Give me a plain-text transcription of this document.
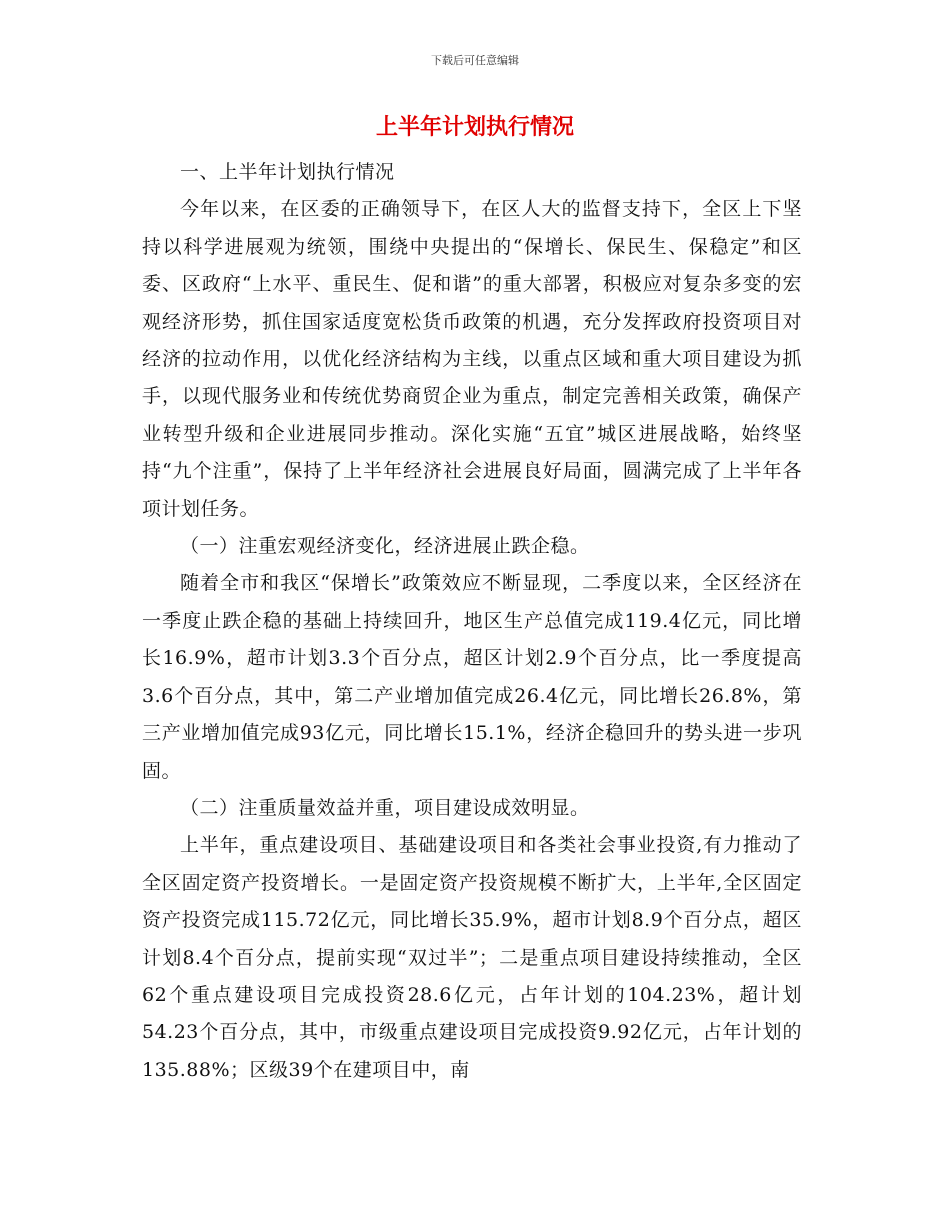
下载后可任意编辑
上半年计划执行情况

一、上半年计划执行情况

今年以来，在区委的正确领导下，在区人大的监督支持下，全区上下坚持以科学进展观为统领，围绕中央提出的“保增长、保民生、保稳定”和区委、区政府“上水平、重民生、促和谐”的重大部署，积极应对复杂多变的宏观经济形势，抓住国家适度宽松货币政策的机遇，充分发挥政府投资项目对经济的拉动作用，以优化经济结构为主线，以重点区域和重大项目建设为抓手，以现代服务业和传统优势商贸企业为重点，制定完善相关政策，确保产业转型升级和企业进展同步推动。深化实施“五宜”城区进展战略，始终坚持“九个注重”，保持了上半年经济社会进展良好局面，圆满完成了上半年各项计划任务。

（一）注重宏观经济变化，经济进展止跌企稳。

随着全市和我区“保增长”政策效应不断显现，二季度以来，全区经济在一季度止跌企稳的基础上持续回升，地区生产总值完成119.4亿元，同比增长16.9%，超市计划3.3个百分点，超区计划2.9个百分点，比一季度提高3.6个百分点，其中，第二产业增加值完成26.4亿元，同比增长26.8%，第三产业增加值完成93亿元，同比增长15.1%，经济企稳回升的势头进一步巩固。

（二）注重质量效益并重，项目建设成效明显。

上半年，重点建设项目、基础建设项目和各类社会事业投资,有力推动了全区固定资产投资增长。一是固定资产投资规模不断扩大，上半年,全区固定资产投资完成115.72亿元，同比增长35.9%，超市计划8.9个百分点，超区计划8.4个百分点，提前实现“双过半”；二是重点项目建设持续推动，全区62个重点建设项目完成投资28.6亿元，占年计划的104.23%，超计划54.23个百分点，其中，市级重点建设项目完成投资9.92亿元，占年计划的135.88%；区级39个在建项目中，南
